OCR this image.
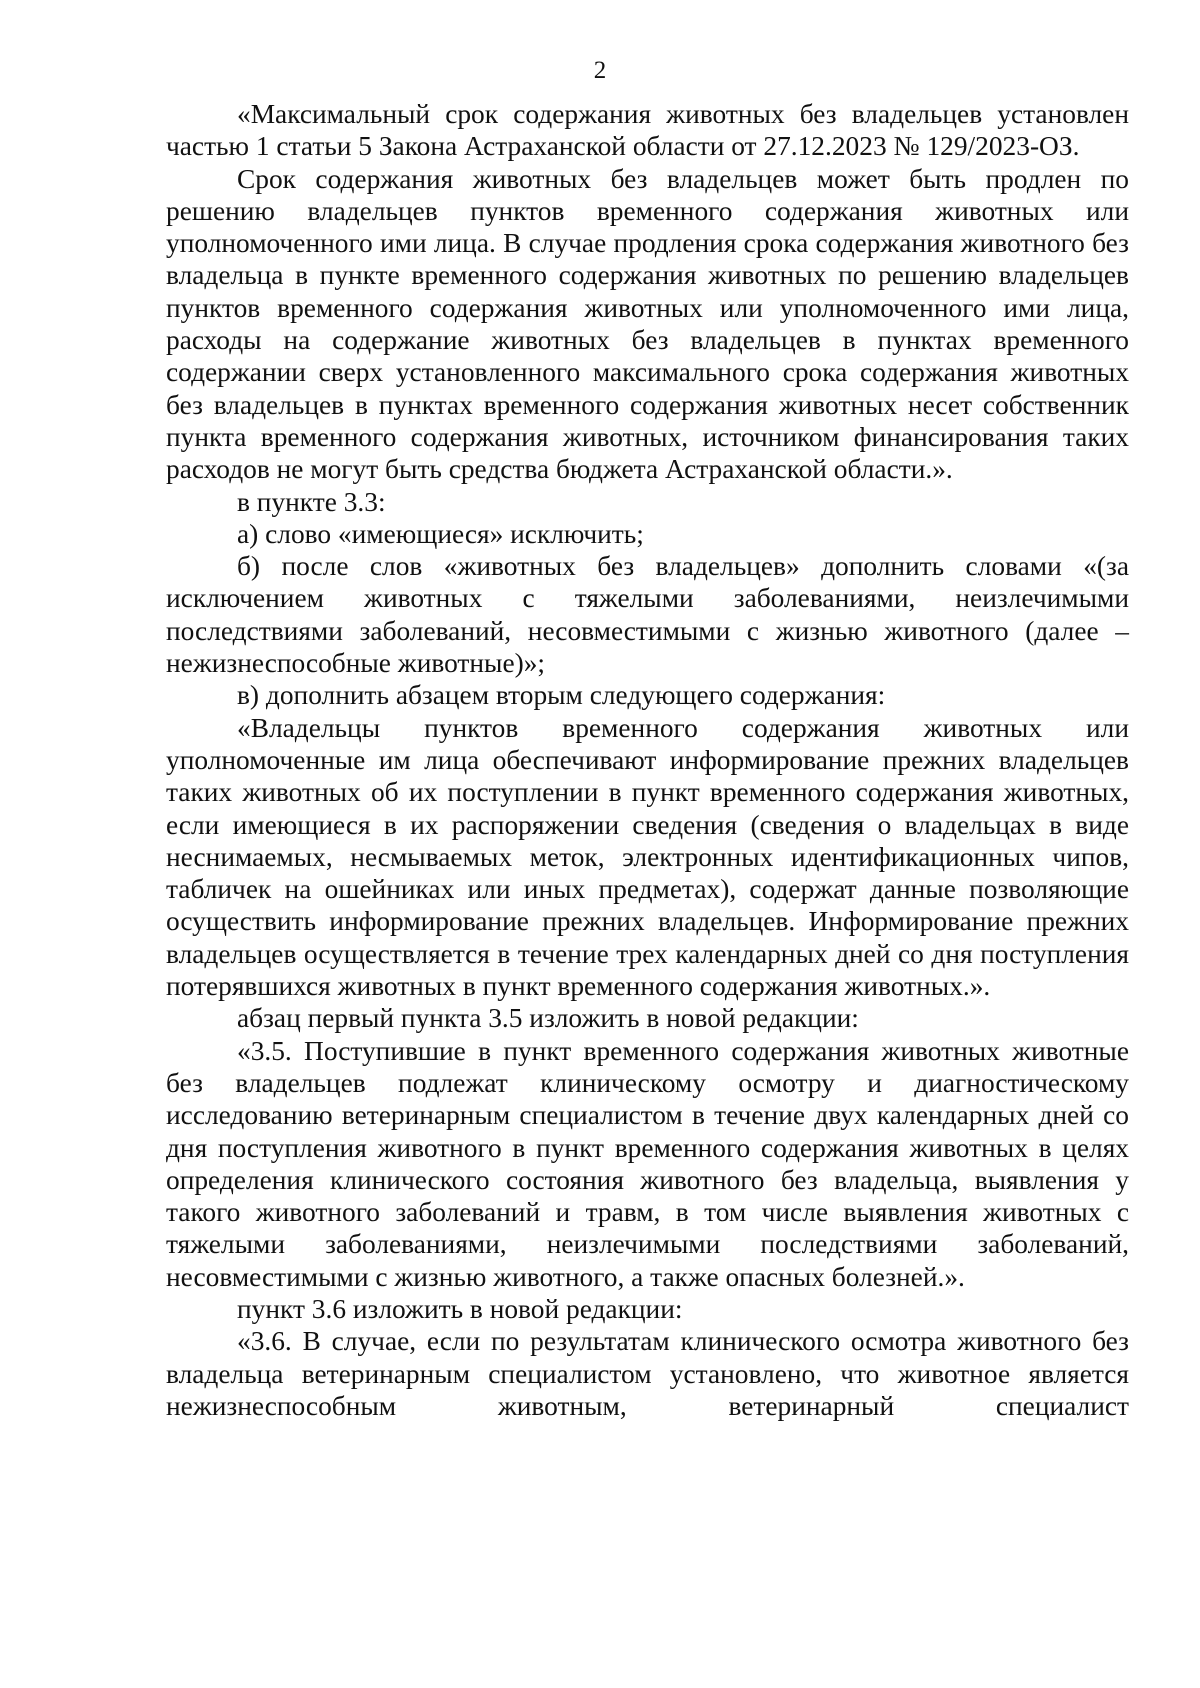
2

«Максимальный срок содержания животных без владельцев установлен частью 1 статьи 5 Закона Астраханской области от 27.12.2023 № 129/2023-ОЗ.

Срок содержания животных без владельцев может быть продлен по решению владельцев пунктов временного содержания животных или уполномоченного ими лица. В случае продления срока содержания животного без владельца в пункте временного содержания животных по решению владельцев пунктов временного содержания животных или уполномоченного ими лица, расходы на содержание животных без владельцев в пунктах временного содержании сверх установленного максимального срока содержания животных без владельцев в пунктах временного содержания животных несет собственник пункта временного содержания животных, источником финансирования таких расходов не могут быть средства бюджета Астраханской области.».

в пункте 3.3:

а) слово «имеющиеся» исключить;

б) после слов «животных без владельцев» дополнить словами «(за исключением животных с тяжелыми заболеваниями, неизлечимыми последствиями заболеваний, несовместимыми с жизнью животного (далее – нежизнеспособные животные)»;

в) дополнить абзацем вторым следующего содержания:

«Владельцы пунктов временного содержания животных или уполномоченные им лица обеспечивают информирование прежних владельцев таких животных об их поступлении в пункт временного содержания животных, если имеющиеся в их распоряжении сведения (сведения о владельцах в виде неснимаемых, несмываемых меток, электронных идентификационных чипов, табличек на ошейниках или иных предметах), содержат данные позволяющие осуществить информирование прежних владельцев. Информирование прежних владельцев осуществляется в течение трех календарных дней со дня поступления потерявшихся животных в пункт временного содержания животных.».

абзац первый пункта 3.5 изложить в новой редакции:

«3.5. Поступившие в пункт временного содержания животных животные без владельцев подлежат клиническому осмотру и диагностическому исследованию ветеринарным специалистом в течение двух календарных дней со дня поступления животного в пункт временного содержания животных в целях определения клинического состояния животного без владельца, выявления у такого животного заболеваний и травм, в том числе выявления животных с тяжелыми заболеваниями, неизлечимыми последствиями заболеваний, несовместимыми с жизнью животного, а также опасных болезней.».

пункт 3.6 изложить в новой редакции:

«3.6. В случае, если по результатам клинического осмотра животного без владельца ветеринарным специалистом установлено, что животное является нежизнеспособным животным, ветеринарный специалист
